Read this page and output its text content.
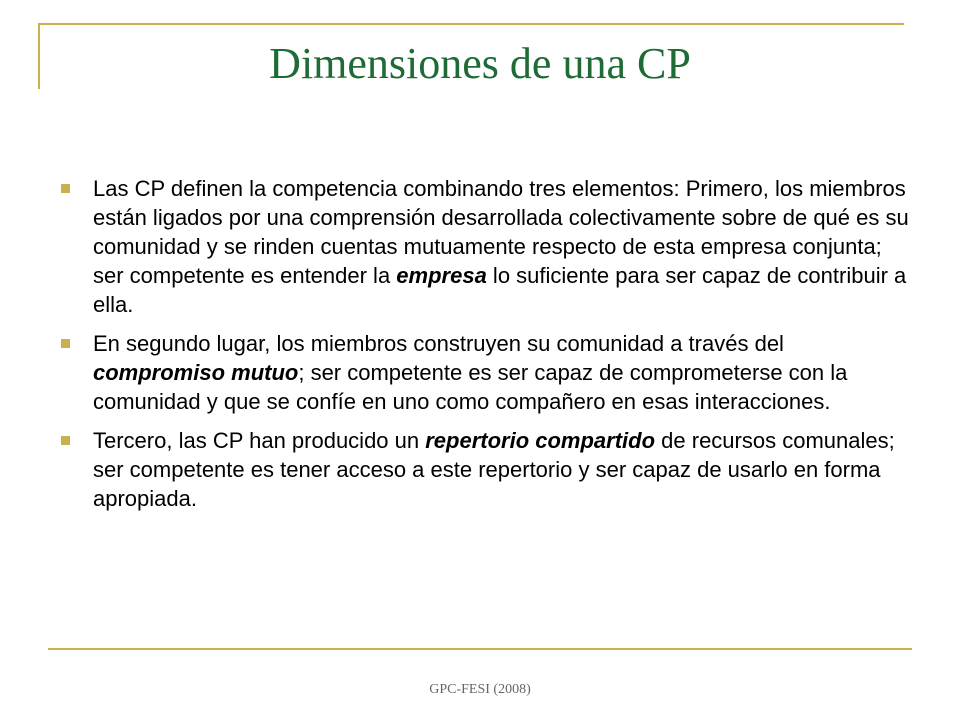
Dimensiones de una CP
Las CP definen la competencia combinando tres elementos: Primero, los miembros están ligados por una comprensión desarrollada colectivamente sobre de qué es su comunidad y se rinden cuentas mutuamente respecto de esta empresa conjunta; ser competente es entender la empresa lo suficiente para ser capaz de contribuir a ella.
En segundo lugar, los miembros construyen su comunidad a través del compromiso mutuo; ser competente es ser capaz de comprometerse con la comunidad y que se confíe en uno como compañero en esas interacciones.
Tercero, las CP han producido un repertorio compartido de recursos comunales; ser competente es tener acceso a este repertorio y ser capaz de usarlo en forma apropiada.
GPC-FESI (2008)
